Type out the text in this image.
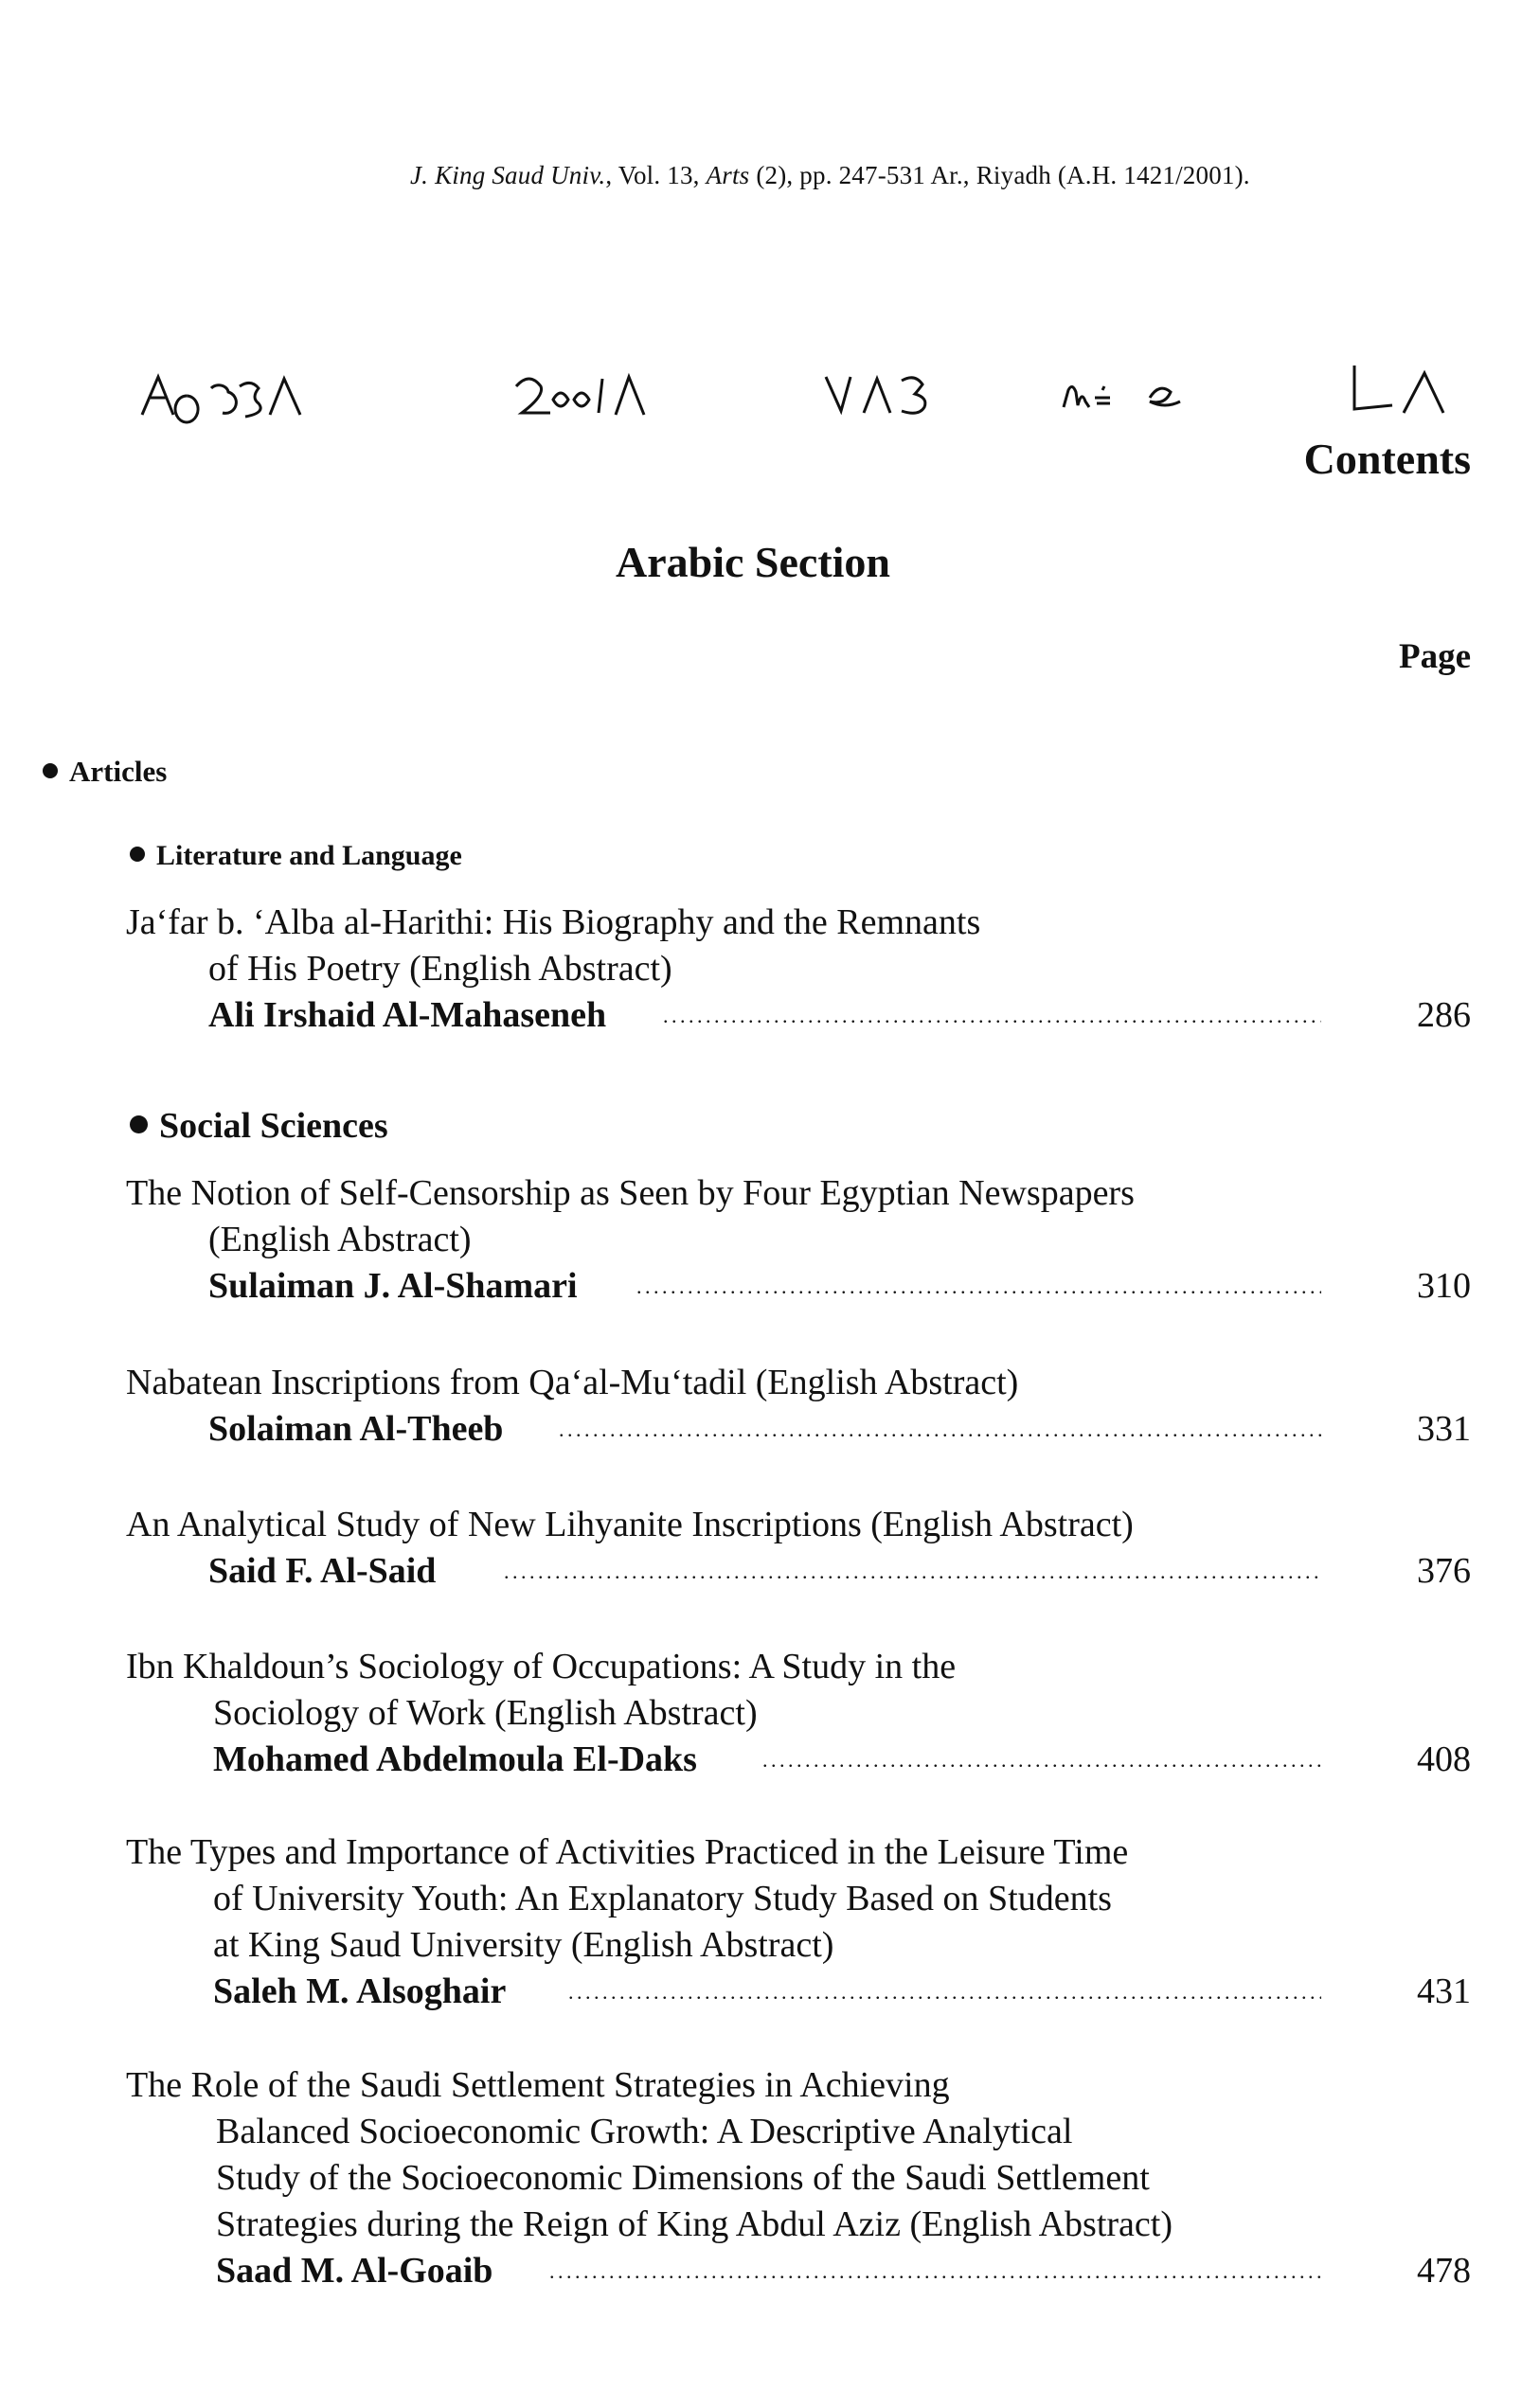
J. King Saud Univ., Vol. 13, Arts (2), pp. 247-531 Ar., Riyadh (A.H. 1421/2001).
Contents
Arabic Section
Page
Articles
Literature and Language
Social Sciences
Ja‘far b. ‘Alba al-Harithi: His Biography and the Remnants
of His Poetry (English Abstract)
Ali Irshaid Al-Mahaseneh . . .	286
The Notion of Self-Censorship as Seen by Four Egyptian Newspapers
(English Abstract)
Sulaiman J. Al-Shamari . . .	310
Nabatean Inscriptions from Qa‘al-Mu‘tadil (English Abstract)
Solaiman Al-Theeb . . .	331
An Analytical Study of New Lihyanite Inscriptions (English Abstract)
Said F. Al-Said . . .	376
Ibn Khaldoun’s Sociology of Occupations: A Study in the
Sociology of Work (English Abstract)
Mohamed Abdelmoula El-Daks . . .	408
The Types and Importance of Activities Practiced in the Leisure Time
of University Youth: An Explanatory Study Based on Students
at King Saud University (English Abstract)
Saleh M. Alsoghair . . .	431
The Role of the Saudi Settlement Strategies in Achieving
Balanced Socioeconomic Growth: A Descriptive Analytical
Study of the Socioeconomic Dimensions of the Saudi Settlement
Strategies during the Reign of King Abdul Aziz (English Abstract)
Saad M. Al-Goaib . . .	478
